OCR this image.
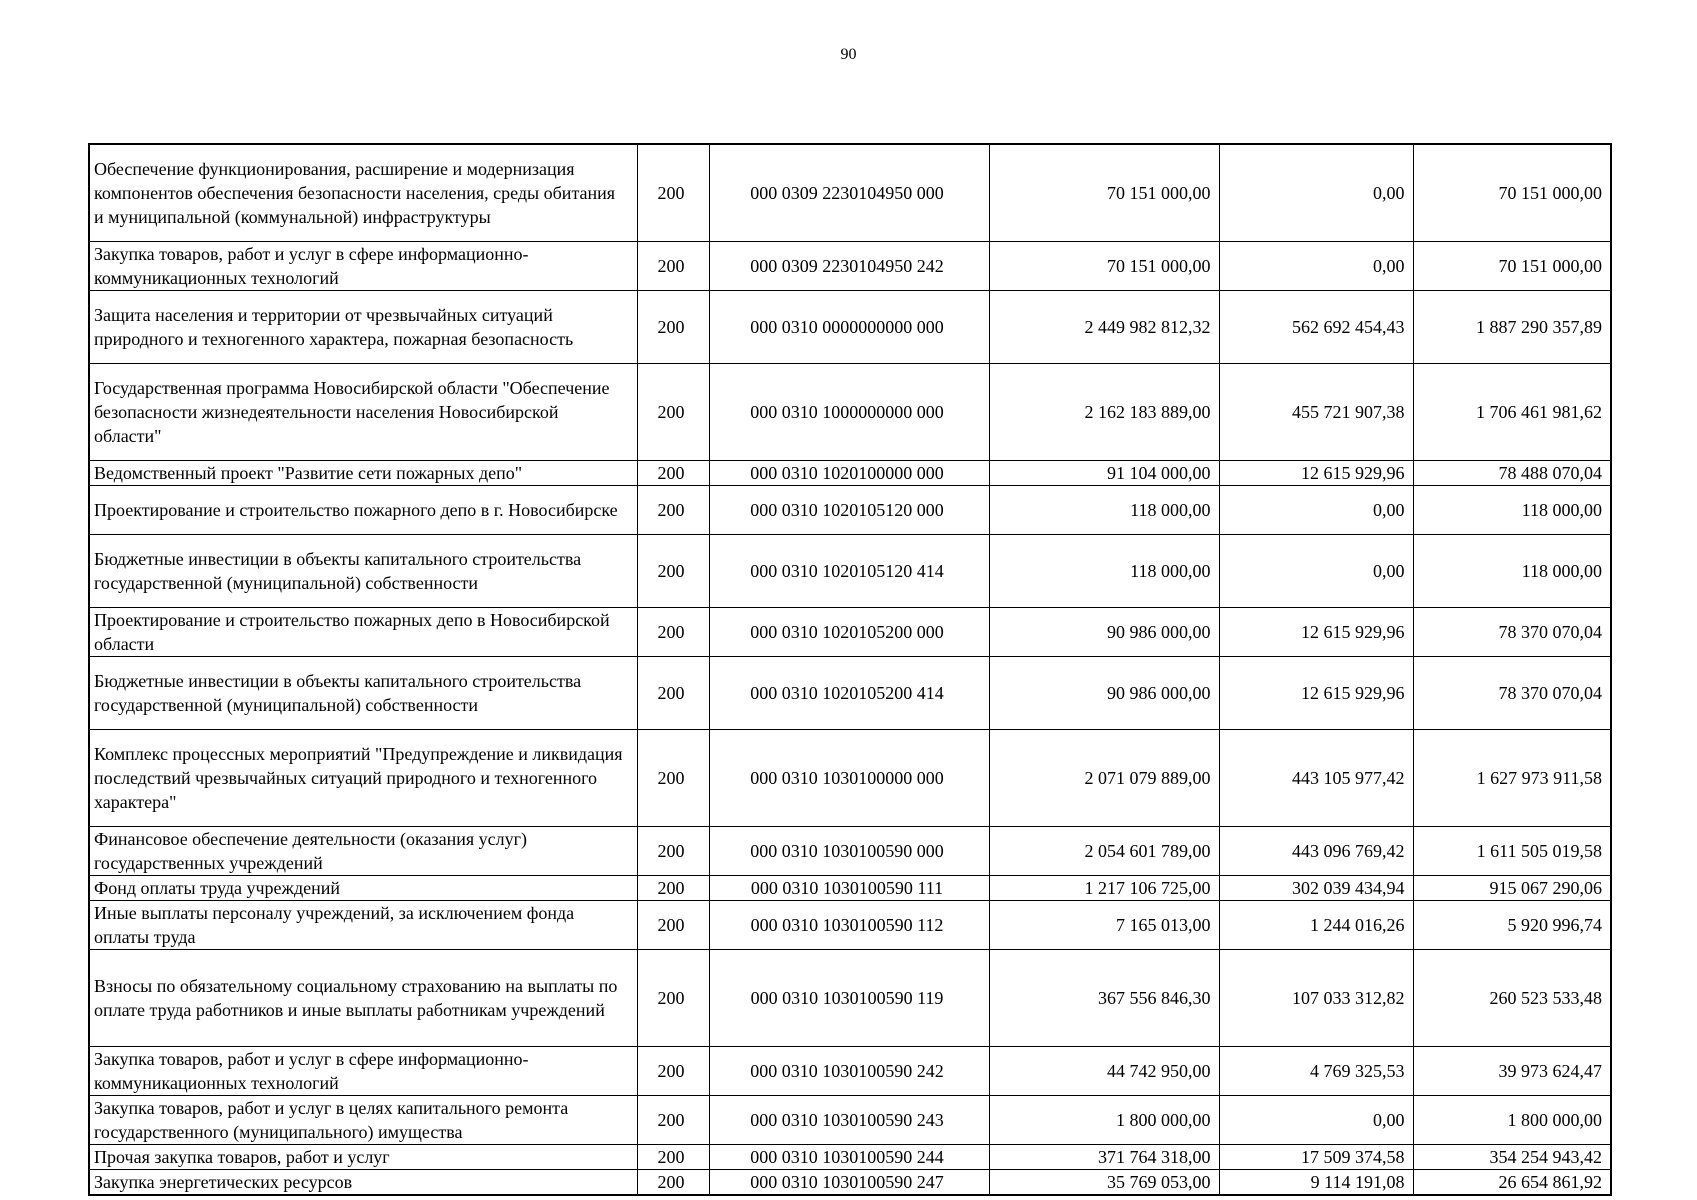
90
Обеспечение функционирования, расширение и модернизация компонентов обеспечения безопасности населения, среды обитания и муниципальной (коммунальной) инфраструктуры	200	000 0309 2230104950 000	70 151 000,00	0,00	70 151 000,00
Закупка товаров, работ и услуг в сфере информационно-коммуникационных технологий	200	000 0309 2230104950 242	70 151 000,00	0,00	70 151 000,00
Защита населения и территории от чрезвычайных ситуаций природного и техногенного характера, пожарная безопасность	200	000 0310 0000000000 000	2 449 982 812,32	562 692 454,43	1 887 290 357,89
Государственная программа Новосибирской области "Обеспечение безопасности жизнедеятельности населения Новосибирской области"	200	000 0310 1000000000 000	2 162 183 889,00	455 721 907,38	1 706 461 981,62
Ведомственный проект "Развитие сети пожарных депо"	200	000 0310 1020100000 000	91 104 000,00	12 615 929,96	78 488 070,04
Проектирование и строительство пожарного депо в г. Новосибирске	200	000 0310 1020105120 000	118 000,00	0,00	118 000,00
Бюджетные инвестиции в объекты капитального строительства государственной (муниципальной) собственности	200	000 0310 1020105120 414	118 000,00	0,00	118 000,00
Проектирование и строительство пожарных депо в Новосибирской области	200	000 0310 1020105200 000	90 986 000,00	12 615 929,96	78 370 070,04
Бюджетные инвестиции в объекты капитального строительства государственной (муниципальной) собственности	200	000 0310 1020105200 414	90 986 000,00	12 615 929,96	78 370 070,04
Комплекс процессных мероприятий "Предупреждение и ликвидация последствий чрезвычайных ситуаций природного и техногенного характера"	200	000 0310 1030100000 000	2 071 079 889,00	443 105 977,42	1 627 973 911,58
Финансовое обеспечение деятельности (оказания услуг) государственных учреждений	200	000 0310 1030100590 000	2 054 601 789,00	443 096 769,42	1 611 505 019,58
Фонд оплаты труда учреждений	200	000 0310 1030100590 111	1 217 106 725,00	302 039 434,94	915 067 290,06
Иные выплаты персоналу учреждений, за исключением фонда оплаты труда	200	000 0310 1030100590 112	7 165 013,00	1 244 016,26	5 920 996,74
Взносы по обязательному социальному страхованию на выплаты по оплате труда работников и иные выплаты работникам учреждений	200	000 0310 1030100590 119	367 556 846,30	107 033 312,82	260 523 533,48
Закупка товаров, работ и услуг в сфере информационно-коммуникационных технологий	200	000 0310 1030100590 242	44 742 950,00	4 769 325,53	39 973 624,47
Закупка товаров, работ и услуг в целях капитального ремонта государственного (муниципального) имущества	200	000 0310 1030100590 243	1 800 000,00	0,00	1 800 000,00
Прочая закупка товаров, работ и услуг	200	000 0310 1030100590 244	371 764 318,00	17 509 374,58	354 254 943,42
Закупка энергетических ресурсов	200	000 0310 1030100590 247	35 769 053,00	9 114 191,08	26 654 861,92
